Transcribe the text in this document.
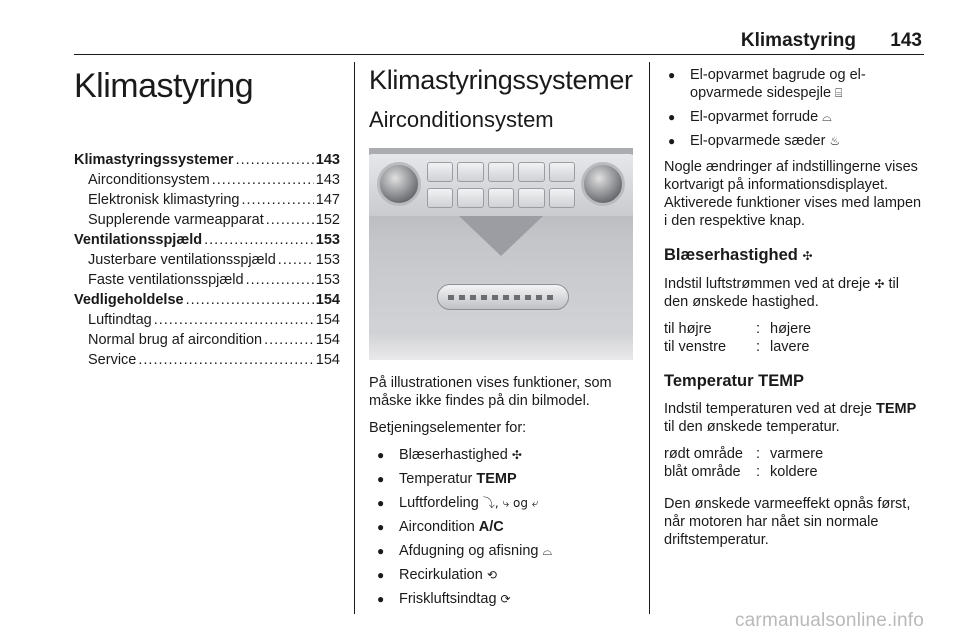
Klimastyring 143
Klimastyring
Klimastyringssystemer .....	143
Airconditionsystem .....	143
Elektronisk klimastyring .....	147
Supplerende varmeapparat .....	152
Ventilationsspjæld .....	153
Justerbare ventilationsspjæld .....	153
Faste ventilationsspjæld .....	153
Vedligeholdelse .....	154
Luftindtag .....	154
Normal brug af aircondition .....	154
Service .....	154
Klimastyringssystemer
Airconditionsystem

På illustrationen vises funktioner, som måske ikke findes på din bilmodel.

Betjeningselementer for:

● Blæserhastighed ✣
● Temperatur TEMP
● Luftfordeling ⤵, ⤷ og ⤶
● Aircondition A/C
● Afdugning og afisning ⌓
● Recirkulation ⟲
● Friskluftsindtag ⟳
● El-opvarmet bagrude og el-opvarmede sidespejle ⌸
● El-opvarmet forrude ⌓
● El-opvarmede sæder ♨

Nogle ændringer af indstillingerne vises kortvarigt på informationsdisplayet. Aktiverede funktioner vises med lampen i den respektive knap.

Blæserhastighed ✣

Indstil luftstrømmen ved at dreje ✣ til den ønskede hastighed.

til højre	:	højere
til venstre	:	lavere
Temperatur TEMP

Indstil temperaturen ved at dreje TEMP til den ønskede temperatur.

rødt område	:	varmere
blåt område	:	koldere

Den ønskede varmeeffekt opnås først, når motoren har nået sin normale driftstemperatur.

carmanualsonline.info
